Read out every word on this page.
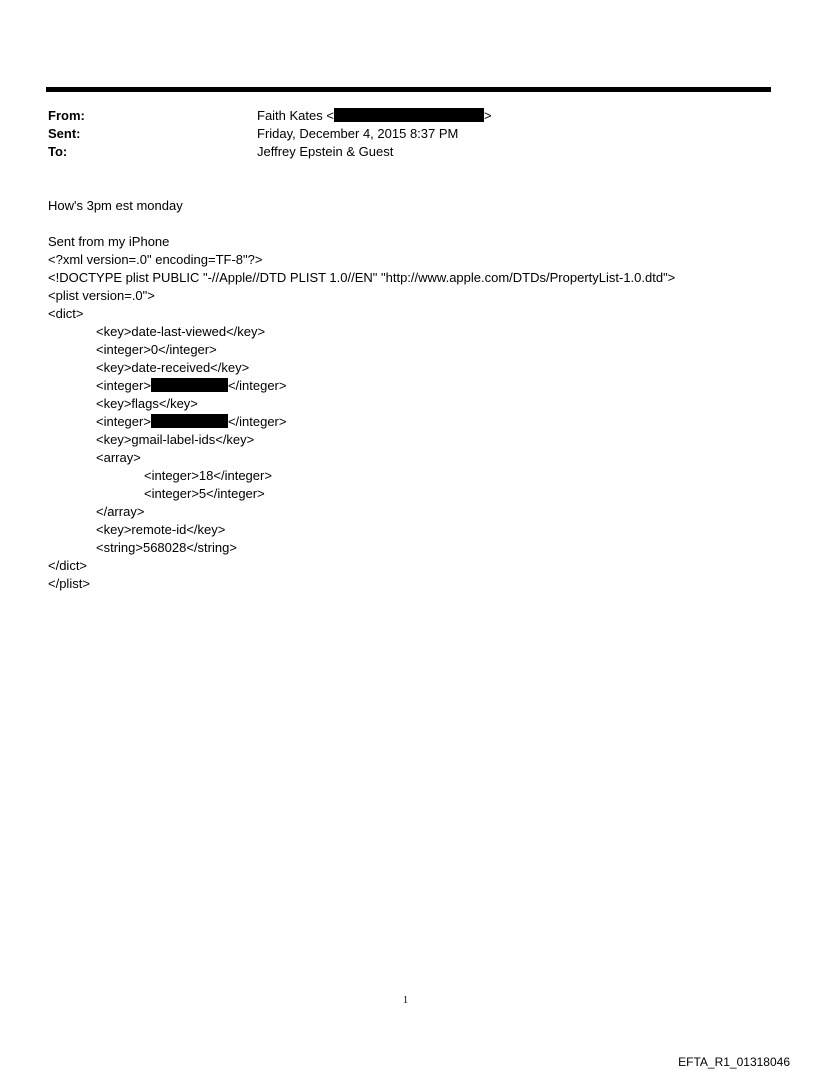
From:	Faith Kates <	>
Sent:	Friday, December 4, 2015 8:37 PM
To:	Jeffrey Epstein & Guest
How's 3pm est monday
Sent from my iPhone
<?xml version=.0" encoding=TF-8"?>
<!DOCTYPE plist PUBLIC "-//Apple//DTD PLIST 1.0//EN" "http://www.apple.com/DTDs/PropertyList-1.0.dtd">
<plist version=.0">
<dict>
<key>date-last-viewed</key>
<integer>0</integer>
<key>date-received</key>
<integer>	</integer>
<key>flags</key>
<integer>	</integer>
<key>gmail-label-ids</key>
<array>
<integer>18</integer>
<integer>5</integer>
</array>
<key>remote-id</key>
<string>568028</string>
</dict>
</plist>
1
EFTA_R1_01318046
